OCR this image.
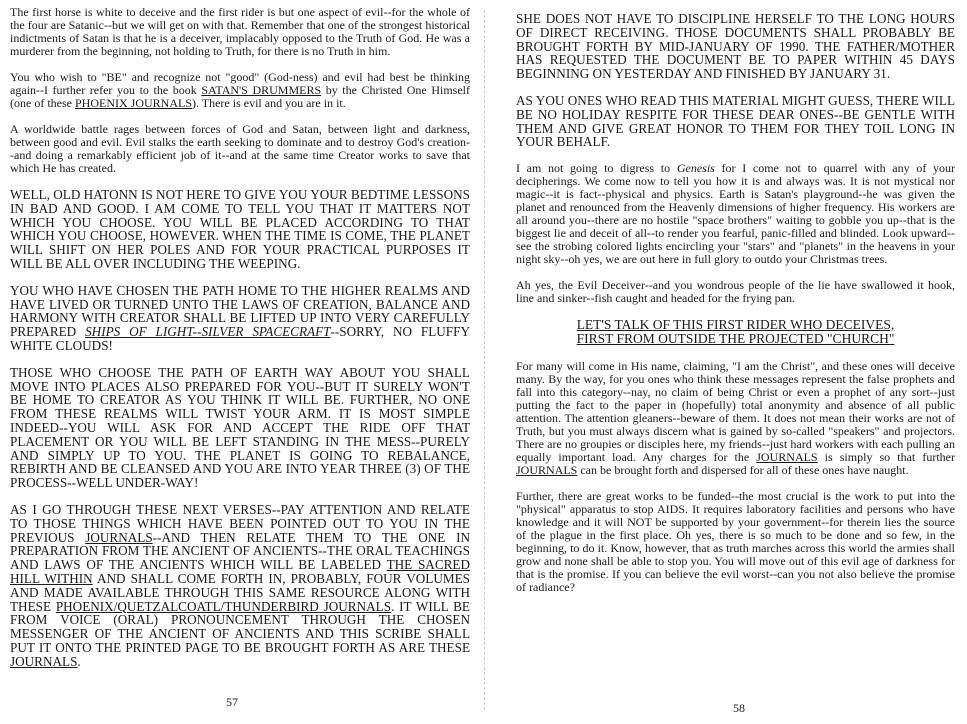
The first horse is white to deceive and the first rider is but one aspect of evil--for the whole of the four are Satanic--but we will get on with that. Remember that one of the strongest historical indictments of Satan is that he is a deceiver, implacably opposed to the Truth of God. He was a murderer from the beginning, not holding to Truth, for there is no Truth in him.

You who wish to "BE" and recognize not "good" (God-ness) and evil had best be thinking again--I further refer you to the book SATAN'S DRUMMERS by the Christed One Himself (one of these PHOENIX JOURNALS). There is evil and you are in it.

A worldwide battle rages between forces of God and Satan, between light and darkness, between good and evil. Evil stalks the earth seeking to dominate and to destroy God's creation--and doing a remarkably efficient job of it--and at the same time Creator works to save that which He has created.

WELL, OLD HATONN IS NOT HERE TO GIVE YOU YOUR BEDTIME LESSONS IN BAD AND GOOD. I AM COME TO TELL YOU THAT IT MATTERS NOT WHICH YOU CHOOSE. YOU WILL BE PLACED ACCORDING TO THAT WHICH YOU CHOOSE, HOWEVER. WHEN THE TIME IS COME, THE PLANET WILL SHIFT ON HER POLES AND FOR YOUR PRACTICAL PURPOSES IT WILL BE ALL OVER INCLUDING THE WEEPING.

YOU WHO HAVE CHOSEN THE PATH HOME TO THE HIGHER REALMS AND HAVE LIVED OR TURNED UNTO THE LAWS OF CREATION, BALANCE AND HARMONY WITH CREATOR SHALL BE LIFTED UP INTO VERY CAREFULLY PREPARED SHIPS OF LIGHT--SILVER SPACECRAFT--SORRY, NO FLUFFY WHITE CLOUDS!

THOSE WHO CHOOSE THE PATH OF EARTH WAY ABOUT YOU SHALL MOVE INTO PLACES ALSO PREPARED FOR YOU--BUT IT SURELY WON'T BE HOME TO CREATOR AS YOU THINK IT WILL BE. FURTHER, NO ONE FROM THESE REALMS WILL TWIST YOUR ARM. IT IS MOST SIMPLE INDEED--YOU WILL ASK FOR AND ACCEPT THE RIDE OFF THAT PLACEMENT OR YOU WILL BE LEFT STANDING IN THE MESS--PURELY AND SIMPLY UP TO YOU. THE PLANET IS GOING TO REBALANCE, REBIRTH AND BE CLEANSED AND YOU ARE INTO YEAR THREE (3) OF THE PROCESS--WELL UNDER-WAY!

AS I GO THROUGH THESE NEXT VERSES--PAY ATTENTION AND RELATE TO THOSE THINGS WHICH HAVE BEEN POINTED OUT TO YOU IN THE PREVIOUS JOURNALS--AND THEN RELATE THEM TO THE ONE IN PREPARATION FROM THE ANCIENT OF ANCIENTS--THE ORAL TEACHINGS AND LAWS OF THE ANCIENTS WHICH WILL BE LABELED THE SACRED HILL WITHIN AND SHALL COME FORTH IN, PROBABLY, FOUR VOLUMES AND MADE AVAILABLE THROUGH THIS SAME RESOURCE ALONG WITH THESE PHOENIX/QUETZALCOATL/THUNDERBIRD JOURNALS. IT WILL BE FROM VOICE (ORAL) PRONOUNCEMENT THROUGH THE CHOSEN MESSENGER OF THE ANCIENT OF ANCIENTS AND THIS SCRIBE SHALL PUT IT ONTO THE PRINTED PAGE TO BE BROUGHT FORTH AS ARE THESE JOURNALS.

57

SHE DOES NOT HAVE TO DISCIPLINE HERSELF TO THE LONG HOURS OF DIRECT RECEIVING. THOSE DOCUMENTS SHALL PROBABLY BE BROUGHT FORTH BY MID-JANUARY OF 1990. THE FATHER/MOTHER HAS REQUESTED THE DOCUMENT BE TO PAPER WITHIN 45 DAYS BEGINNING ON YESTERDAY AND FINISHED BY JANUARY 31.

AS YOU ONES WHO READ THIS MATERIAL MIGHT GUESS, THERE WILL BE NO HOLIDAY RESPITE FOR THESE DEAR ONES--BE GENTLE WITH THEM AND GIVE GREAT HONOR TO THEM FOR THEY TOIL LONG IN YOUR BEHALF.

I am not going to digress to Genesis for I come not to quarrel with any of your decipherings. We come now to tell you how it is and always was. It is not mystical nor magic--it is fact--physical and physics. Earth is Satan's playground--he was given the planet and renounced from the Heavenly dimensions of higher frequency. His workers are all around you--there are no hostile "space brothers" waiting to gobble you up--that is the biggest lie and deceit of all--to render you fearful, panic-filled and blinded. Look upward--see the strobing colored lights encircling your "stars" and "planets" in the heavens in your night sky--oh yes, we are out here in full glory to outdo your Christmas trees.

Ah yes, the Evil Deceiver--and you wondrous people of the lie have swallowed it hook, line and sinker--fish caught and headed for the frying pan.

LET'S TALK OF THIS FIRST RIDER WHO DECEIVES,
FIRST FROM OUTSIDE THE PROJECTED "CHURCH"

For many will come in His name, claiming, "I am the Christ", and these ones will deceive many. By the way, for you ones who think these messages represent the false prophets and fall into this category--nay, no claim of being Christ or even a prophet of any sort--just putting the fact to the paper in (hopefully) total anonymity and absence of all public attention. The attention gleaners--beware of them. It does not mean their works are not of Truth, but you must always discern what is gained by so-called "speakers" and projectors. There are no groupies or disciples here, my friends--just hard workers with each pulling an equally important load. Any charges for the JOURNALS is simply so that further JOURNALS can be brought forth and dispersed for all of these ones have naught.

Further, there are great works to be funded--the most crucial is the work to put into the "physical" apparatus to stop AIDS. It requires laboratory facilities and persons who have knowledge and it will NOT be supported by your government--for therein lies the source of the plague in the first place. Oh yes, there is so much to be done and so few, in the beginning, to do it. Know, however, that as truth marches across this world the armies shall grow and none shall be able to stop you. You will move out of this evil age of darkness for that is the promise. If you can believe the evil worst--can you not also believe the promise of radiance?

58
